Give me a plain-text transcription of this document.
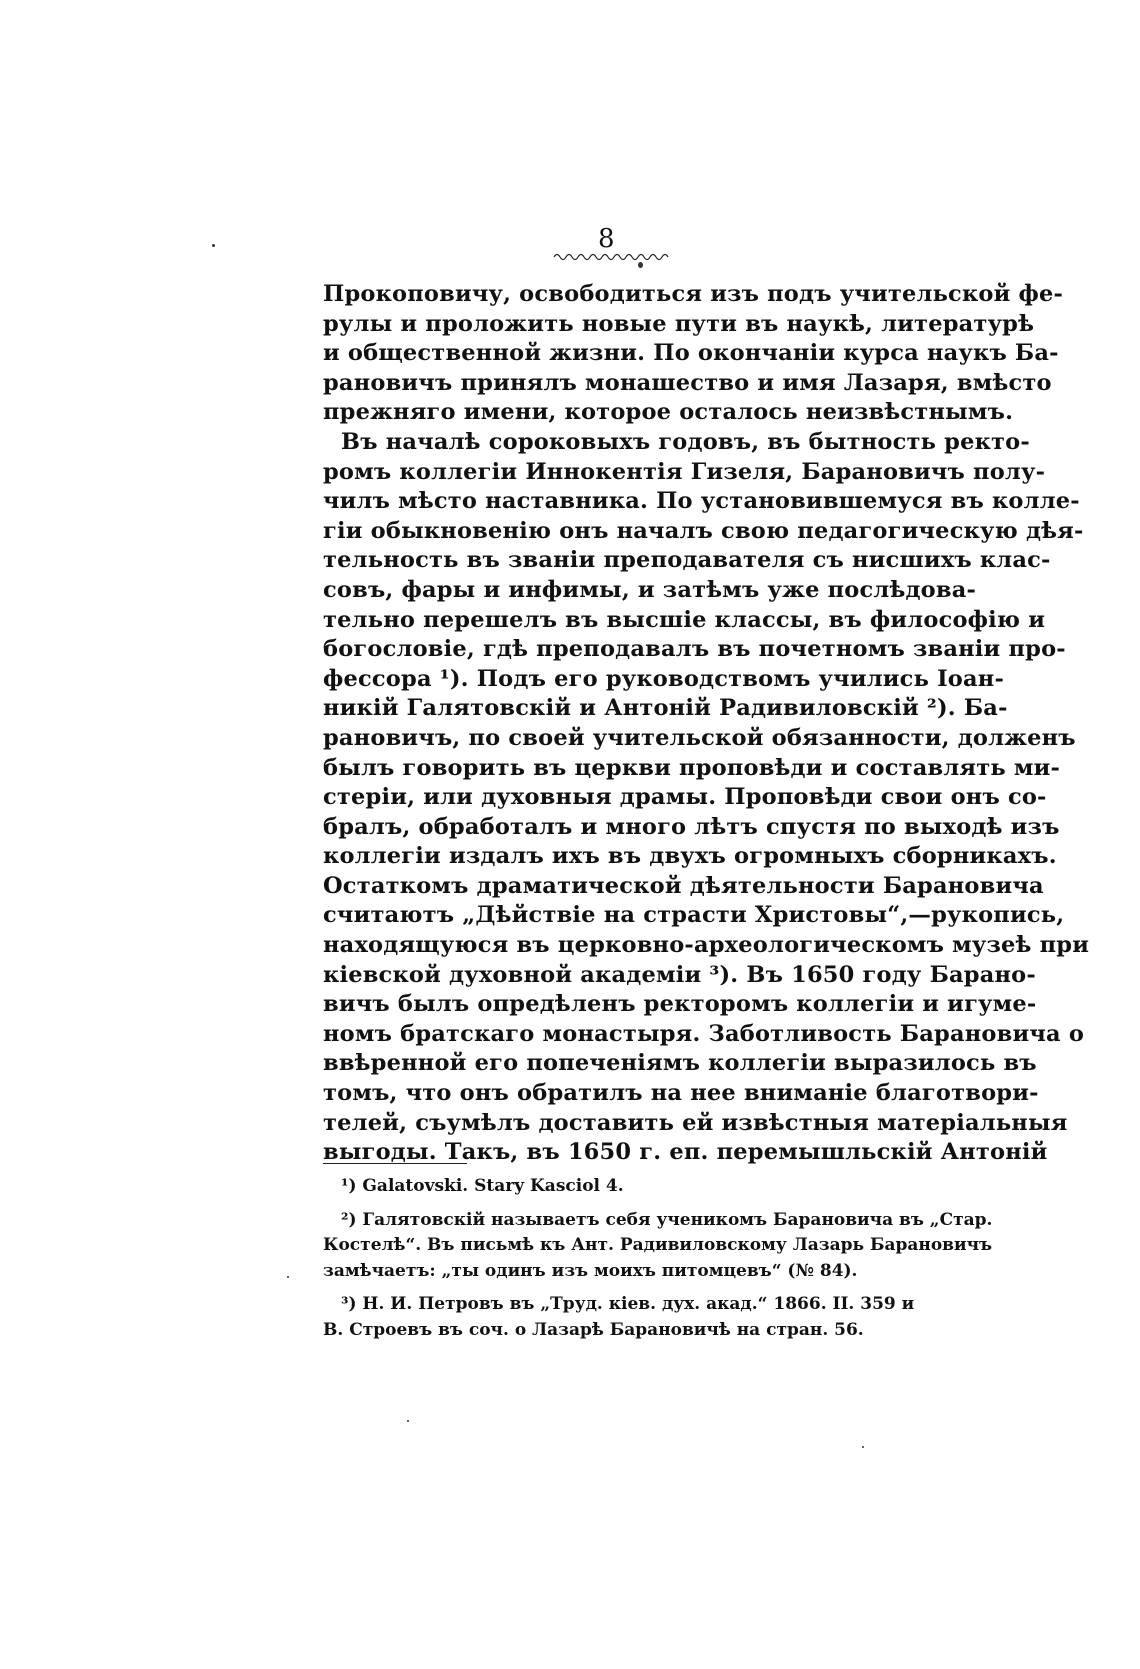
8
Прокоповичу, освободиться изъ подъ учительской фе-
рулы и проложить новые пути въ наукѣ, литературѣ
и общественной жизни. По окончаніи курса наукъ Ба-
рановичъ принялъ монашество и имя Лазаря, вмѣсто
прежняго имени, которое осталось неизвѣстнымъ.
Въ началѣ сороковыхъ годовъ, въ бытность ректо-
ромъ коллегіи Иннокентія Гизеля, Барановичъ полу-
чилъ мѣсто наставника. По установившемуся въ колле-
гіи обыкновенію онъ началъ свою педагогическую дѣя-
тельность въ званіи преподавателя съ нисшихъ клас-
совъ, фары и инфимы, и затѣмъ уже послѣдова-
тельно перешелъ въ высшіе классы, въ философію и
богословіе, гдѣ преподавалъ въ почетномъ званіи про-
фессора ¹). Подъ его руководствомъ учились Іоан-
никій Галятовскій и Антоній Радивиловскій ²). Ба-
рановичъ, по своей учительской обязанности, долженъ
былъ говорить въ церкви проповѣди и составлять ми-
стеріи, или духовныя драмы. Проповѣди свои онъ со-
бралъ, обработалъ и много лѣтъ спустя по выходѣ изъ
коллегіи издалъ ихъ въ двухъ огромныхъ сборникахъ.
Остаткомъ драматической дѣятельности Барановича
считаютъ „Дѣйствіе на страсти Христовы“,—рукопись,
находящуюся въ церковно-археологическомъ музеѣ при
кіевской духовной академіи ³). Въ 1650 году Барано-
вичъ былъ опредѣленъ ректоромъ коллегіи и игуме-
номъ братскаго монастыря. Заботливость Барановича о
ввѣренной его попеченіямъ коллегіи выразилось въ
томъ, что онъ обратилъ на нее вниманіе благотвори-
телей, съумѣлъ доставить ей извѣстныя матеріальныя
выгоды. Такъ, въ 1650 г. еп. перемышльскій Антоній
¹) Galatovski. Stary Kasciol 4.
²) Галятовскій называетъ себя ученикомъ Барановича въ „Стар.
Костелѣ“. Въ письмѣ къ Ант. Радивиловскому Лазарь Барановичъ
замѣчаетъ: „ты одинъ изъ моихъ питомцевъ“ (№ 84).
³) Н. И. Петровъ въ „Труд. кіев. дух. акад.“ 1866. II. 359 и
В. Строевъ въ соч. о Лазарѣ Барановичѣ на стран. 56.
